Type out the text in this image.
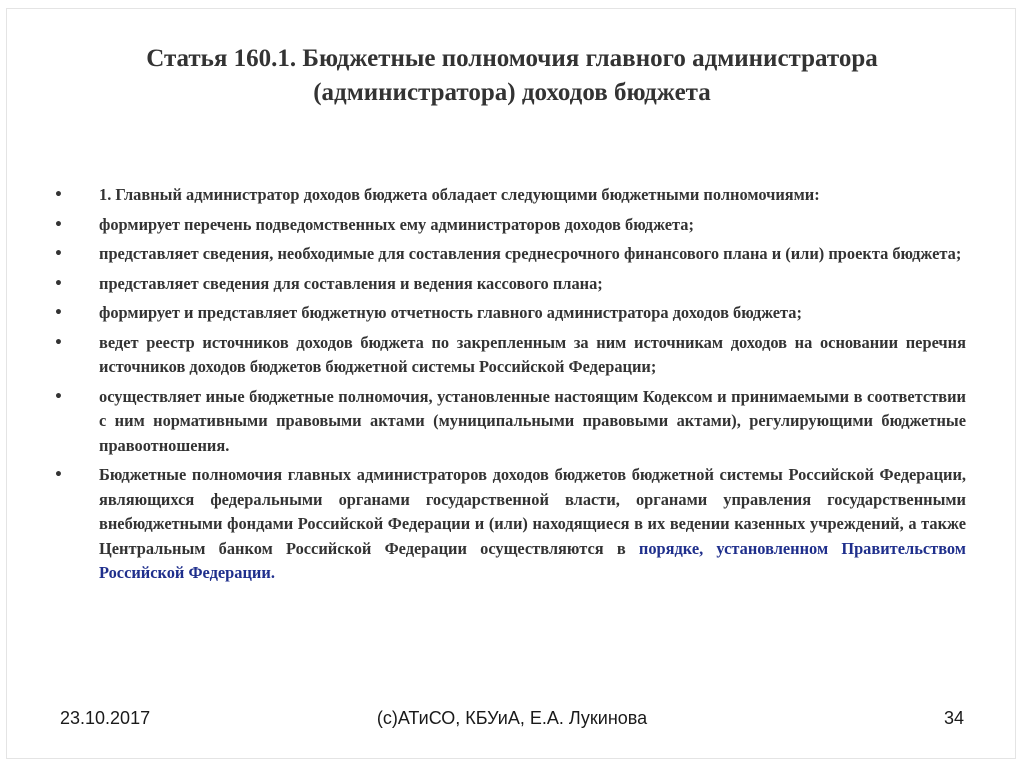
Статья 160.1. Бюджетные полномочия главного администратора
(администратора) доходов бюджета
•	1. Главный администратор доходов бюджета обладает следующими бюджетными полномочиями:
•	формирует перечень подведомственных ему администраторов доходов бюджета;
•	представляет сведения, необходимые для составления среднесрочного финансового плана и (или) проекта бюджета;
•	представляет сведения для составления и ведения кассового плана;
•	формирует и представляет бюджетную отчетность главного администратора доходов бюджета;
•	ведет реестр источников доходов бюджета по закрепленным за ним источникам доходов на основании перечня источников доходов бюджетов бюджетной системы Российской Федерации;
•	осуществляет иные бюджетные полномочия, установленные настоящим Кодексом и принимаемыми в соответствии с ним нормативными правовыми актами (муниципальными правовыми актами), регулирующими бюджетные правоотношения.
•	Бюджетные полномочия главных администраторов доходов бюджетов бюджетной системы Российской Федерации, являющихся федеральными органами государственной власти, органами управления государственными внебюджетными фондами Российской Федерации и (или) находящиеся в их ведении казенных учреждений, а также Центральным банком Российской Федерации осуществляются в порядке, установленном Правительством Российской Федерации.
23.10.2017	(с)АТиСО, КБУиА, Е.А. Лукинова	34
